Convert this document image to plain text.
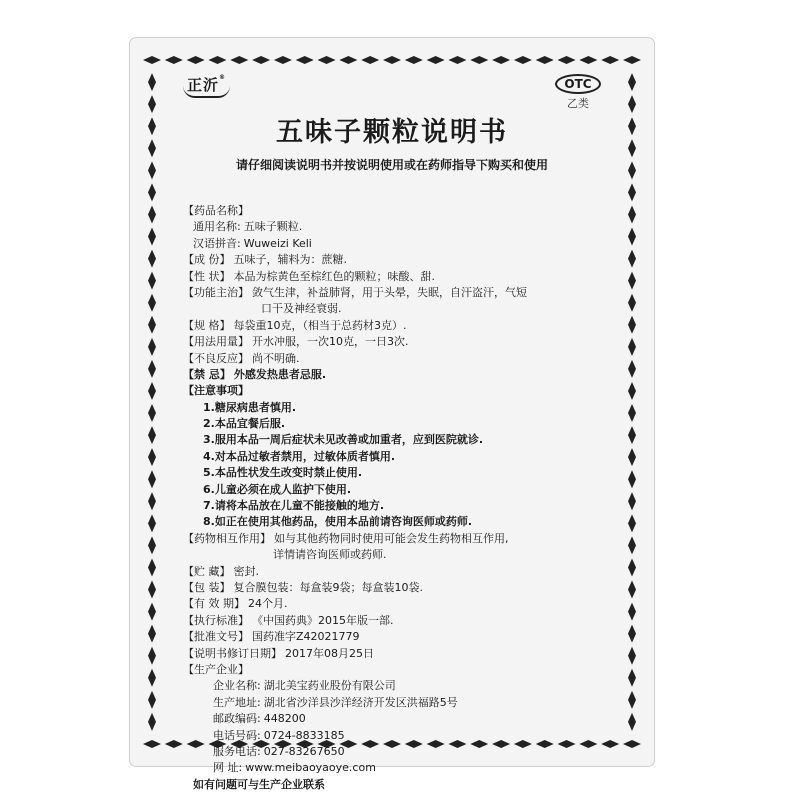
正沂®	OTC
乙类
五味子颗粒说明书
请仔细阅读说明书并按说明使用或在药师指导下购买和使用
【药品名称】
通用名称: 五味子颗粒.
汉语拼音: Wuweizi Keli
【成 份】 五味子，辅料为：蔗糖.
【性 状】 本品为棕黄色至棕红色的颗粒；味酸、甜.
【功能主治】 敛气生津，补益肺肾，用于头晕，失眠，自汗盗汗，气短
口干及神经衰弱.
【规 格】 每袋重10克，（相当于总药材3克）.
【用法用量】 开水冲服，一次10克，一日3次.
【不良反应】 尚不明确.
【禁 忌】 外感发热患者忌服.
【注意事项】
1.糖尿病患者慎用.
2.本品宜餐后服.
3.服用本品一周后症状未见改善或加重者，应到医院就诊.
4.对本品过敏者禁用，过敏体质者慎用.
5.本品性状发生改变时禁止使用.
6.儿童必须在成人监护下使用.
7.请将本品放在儿童不能接触的地方.
8.如正在使用其他药品，使用本品前请咨询医师或药师.
【药物相互作用】 如与其他药物同时使用可能会发生药物相互作用,
详情请咨询医师或药师.
【贮 藏】 密封.
【包 装】 复合膜包装：每盒装9袋；每盒装10袋.
【有 效 期】 24个月.
【执行标准】 《中国药典》2015年版一部.
【批准文号】 国药准字Z42021779
【说明书修订日期】 2017年08月25日
【生产企业】
企业名称: 湖北美宝药业股份有限公司
生产地址: 湖北省沙洋县沙洋经济开发区洪福路5号
邮政编码: 448200
电话号码: 0724-8833185
服务电话: 027-83267650
网 址: www.meibaoyaoye.com
如有问题可与生产企业联系
